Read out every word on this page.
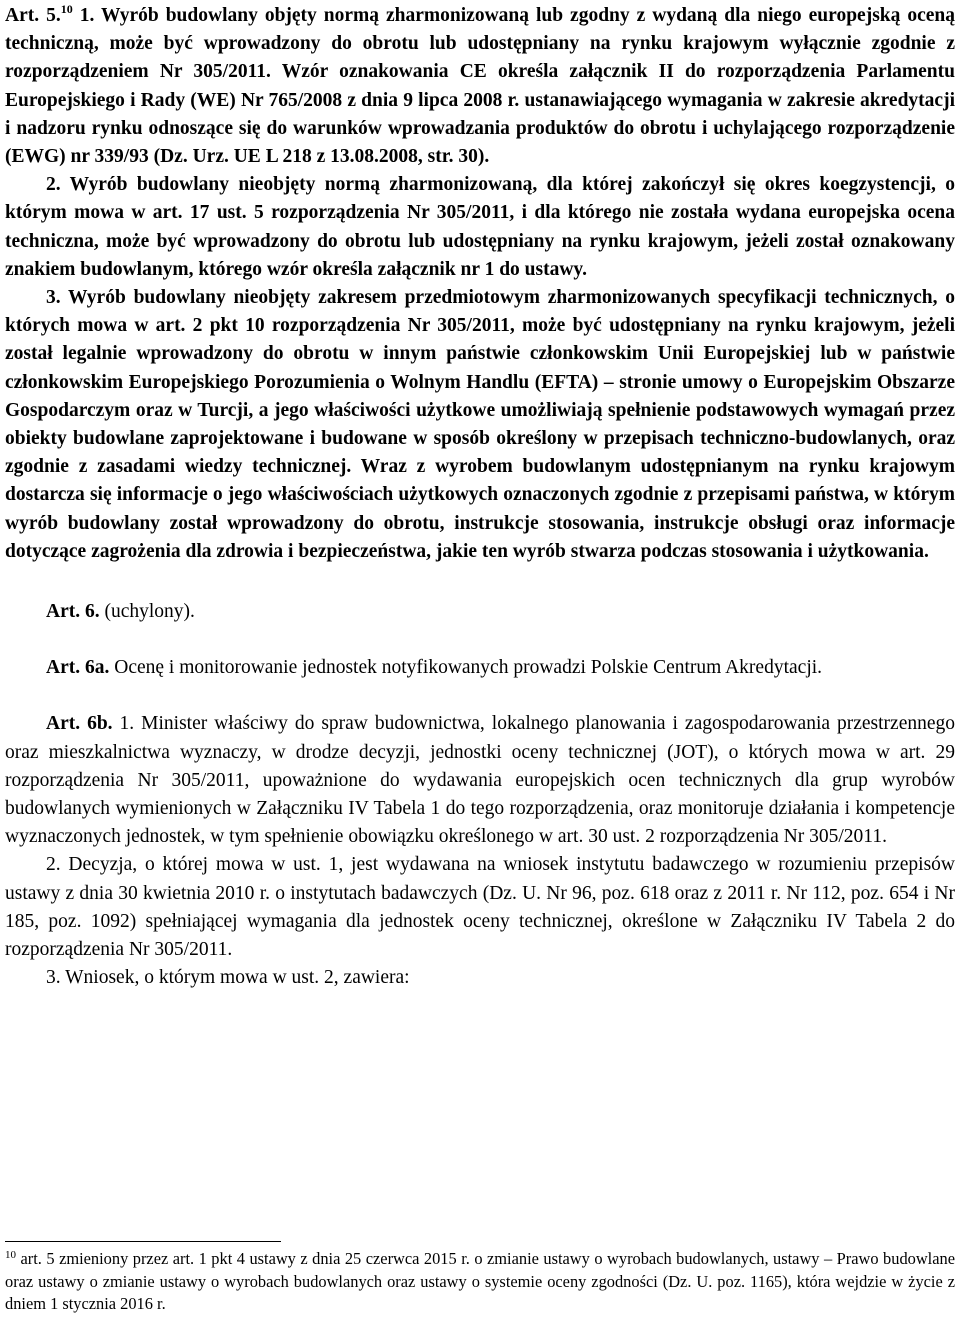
Art. 5.10 1. Wyrób budowlany objęty normą zharmonizowaną lub zgodny z wydaną dla niego europejską oceną techniczną, może być wprowadzony do obrotu lub udostępniany na rynku krajowym wyłącznie zgodnie z rozporządzeniem Nr 305/2011. Wzór oznakowania CE określa załącznik II do rozporządzenia Parlamentu Europejskiego i Rady (WE) Nr 765/2008 z dnia 9 lipca 2008 r. ustanawiającego wymagania w zakresie akredytacji i nadzoru rynku odnoszące się do warunków wprowadzania produktów do obrotu i uchylającego rozporządzenie (EWG) nr 339/93 (Dz. Urz. UE L 218 z 13.08.2008, str. 30).

2. Wyrób budowlany nieobjęty normą zharmonizowaną, dla której zakończył się okres koegzystencji, o którym mowa w art. 17 ust. 5 rozporządzenia Nr 305/2011, i dla którego nie została wydana europejska ocena techniczna, może być wprowadzony do obrotu lub udostępniany na rynku krajowym, jeżeli został oznakowany znakiem budowlanym, którego wzór określa załącznik nr 1 do ustawy.

3. Wyrób budowlany nieobjęty zakresem przedmiotowym zharmonizowanych specyfikacji technicznych, o których mowa w art. 2 pkt 10 rozporządzenia Nr 305/2011, może być udostępniany na rynku krajowym, jeżeli został legalnie wprowadzony do obrotu w innym państwie członkowskim Unii Europejskiej lub w państwie członkowskim Europejskiego Porozumienia o Wolnym Handlu (EFTA) – stronie umowy o Europejskim Obszarze Gospodarczym oraz w Turcji, a jego właściwości użytkowe umożliwiają spełnienie podstawowych wymagań przez obiekty budowlane zaprojektowane i budowane w sposób określony w przepisach techniczno-budowlanych, oraz zgodnie z zasadami wiedzy technicznej. Wraz z wyrobem budowlanym udostępnianym na rynku krajowym dostarcza się informacje o jego właściwościach użytkowych oznaczonych zgodnie z przepisami państwa, w którym wyrób budowlany został wprowadzony do obrotu, instrukcje stosowania, instrukcje obsługi oraz informacje dotyczące zagrożenia dla zdrowia i bezpieczeństwa, jakie ten wyrób stwarza podczas stosowania i użytkowania.

Art. 6. (uchylony).

Art. 6a. Ocenę i monitorowanie jednostek notyfikowanych prowadzi Polskie Centrum Akredytacji.

Art. 6b. 1. Minister właściwy do spraw budownictwa, lokalnego planowania i zagospodarowania przestrzennego oraz mieszkalnictwa wyznaczy, w drodze decyzji, jednostki oceny technicznej (JOT), o których mowa w art. 29 rozporządzenia Nr 305/2011, upoważnione do wydawania europejskich ocen technicznych dla grup wyrobów budowlanych wymienionych w Załączniku IV Tabela 1 do tego rozporządzenia, oraz monitoruje działania i kompetencje wyznaczonych jednostek, w tym spełnienie obowiązku określonego w art. 30 ust. 2 rozporządzenia Nr 305/2011.

2. Decyzja, o której mowa w ust. 1, jest wydawana na wniosek instytutu badawczego w rozumieniu przepisów ustawy z dnia 30 kwietnia 2010 r. o instytutach badawczych (Dz. U. Nr 96, poz. 618 oraz z 2011 r. Nr 112, poz. 654 i Nr 185, poz. 1092) spełniającej wymagania dla jednostek oceny technicznej, określone w Załączniku IV Tabela 2 do rozporządzenia Nr 305/2011.

3. Wniosek, o którym mowa w ust. 2, zawiera:

$^{10}$ art. 5 zmieniony przez art. 1 pkt 4 ustawy z dnia 25 czerwca 2015 r. o zmianie ustawy o wyrobach budowlanych, ustawy – Prawo budowlane oraz ustawy o zmianie ustawy o wyrobach budowlanych oraz ustawy o systemie oceny zgodności (Dz. U. poz. 1165), która wejdzie w życie z dniem 1 stycznia 2016 r.
